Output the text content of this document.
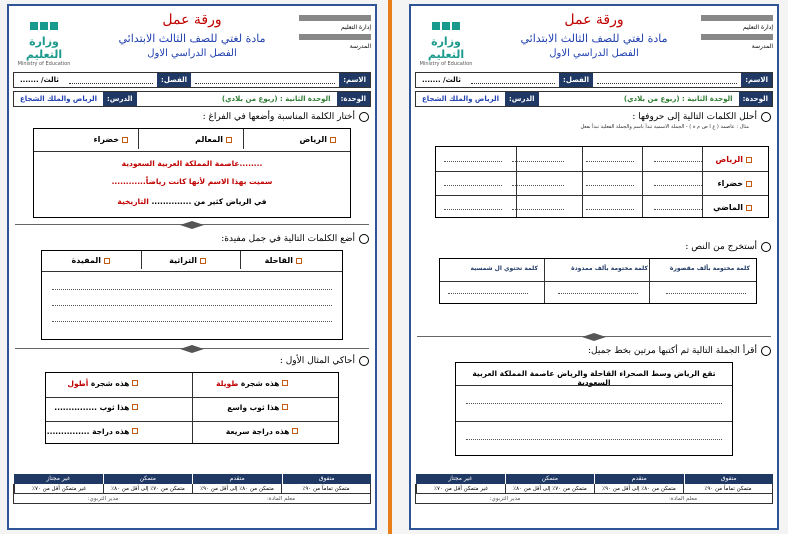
وزارة التعليم
Ministry of Education
ورقة عمل
مادة لغتي للصف الثالث الابتدائي
الفصل الدراسي الاول
إدارة التعليم
المدرسة
الاسم:
الفصل:
ثالث/ .......
الوحدة:
الوحدة الثانية : (ربوع من بلادي)
الدرس:
الرياض والملك الشجاع
أختار الكلمة المناسبة وأضعها في الفراغ :
الرياض
المعالم
خضراء
........عاصمة المملكة العربية السعودية
سميت بهذا الاسم لأنها كانت رياضاً............
في الرياض كثير من .............. التاريخية
أضع الكلمات التالية في جمل مفيدة:
القاحلة
التراثية
المفيدة
أحاكي المثال الأول :
هذه شجرة طويلة
هذه شجرة أطول
هذا ثوب واسع
هذا ثوب ...............
هذه دراجة سريعة
هذه دراجة ...............
متفوق
متقدم
متمكن
غير مجتاز
متمكن تماماً من ٩٠٪
متمكن من ٨٠٪ إلى أقل من ٩٠٪
متمكن من ٧٠٪ إلى أقل من ٨٠٪
غير متمكن أقل من ٧٠٪
معلم المادة:
مدير التربوي:
وزارة التعليم
Ministry of Education
ورقة عمل
مادة لغتي للصف الثالث الابتدائي
الفصل الدراسي الاول
إدارة التعليم
المدرسة
الاسم:
الفصل:
ثالث/ .......
الوحدة:
الوحدة الثانية : (ربوع من بلادي)
الدرس:
الرياض والملك الشجاع
أحلل الكلمات التالية إلى حروفها :
مثال : عاصمة ( ع ا ص م ة ) - الجملة الاسمية تبدأ باسم والجملة الفعلية تبدأ بفعل
الرياض
خضراء
الماضي
أستخرج من النص :
كلمة مختومة بألف مقصورة
كلمة مختومة بألف ممدودة
كلمة تحتوي ال شمسية
أقرأ الجملة التالية ثم أكتبها مرتين بخط جميل:
تقع الرياض وسط الصحراء القاحلة والرياض عاصمة المملكة العربية السعودية
متفوق
متقدم
متمكن
غير مجتاز
متمكن تماماً من ٩٠٪
متمكن من ٨٠٪ إلى أقل من ٩٠٪
متمكن من ٧٠٪ إلى أقل من ٨٠٪
غير متمكن أقل من ٧٠٪
معلم المادة:
مدير التربوي:
